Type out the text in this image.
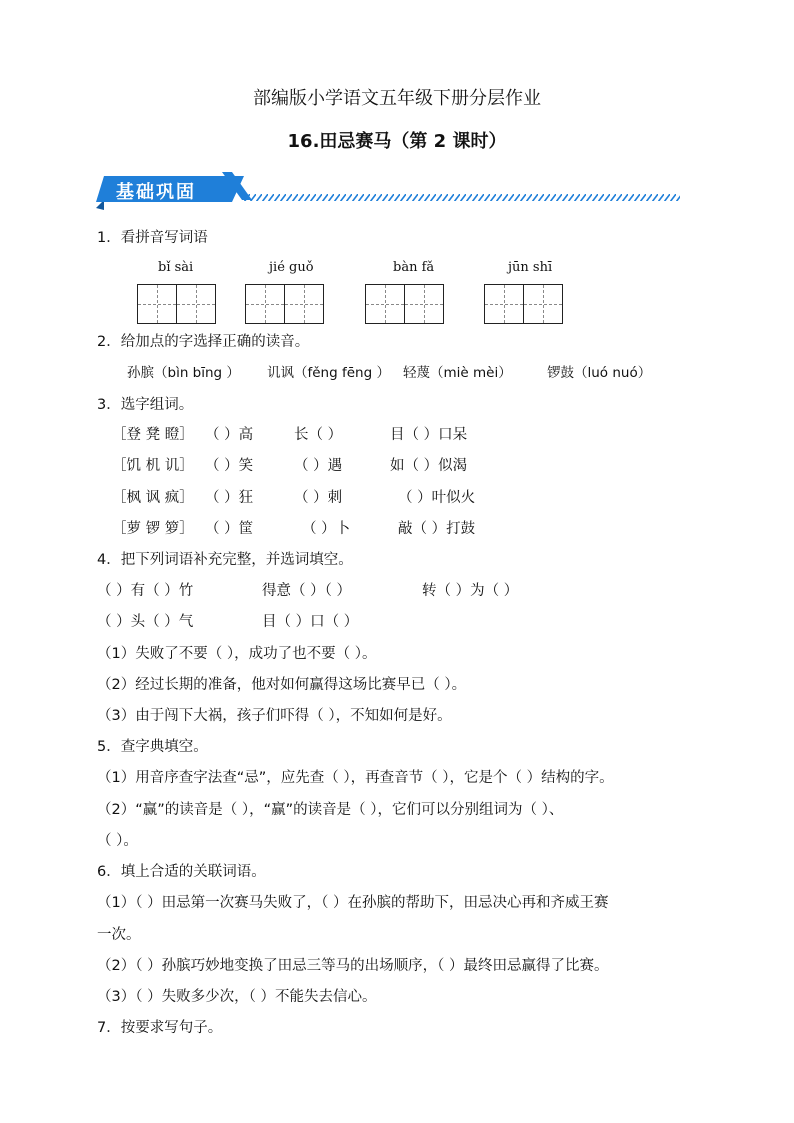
部编版小学语文五年级下册分层作业
16.田忌赛马（第 2 课时）
基础巩固
1．看拼音写词语
bǐ sài	jié guǒ	bàn fǎ	jūn shī
2．给加点的字选择正确的读音。
孙膑（bìn bīng ） 讥讽（fěng fēng ） 轻蔑（miè mèi）	锣鼓（luó nuó）
3．选字组词。
［登 凳 瞪］ （ ）高	长（ ）	目（ ）口呆
［饥 机 讥］ （ ）笑	（ ）遇	如（ ）似渴
［枫 讽 疯］ （ ）狂	（ ）刺	（ ）叶似火
［萝 锣 箩］ （ ）筐	（ ）卜	敲（ ）打鼓
4．把下列词语补充完整，并选词填空。
（ ）有（ ）竹	得意（ ）（ ）	转（ ）为（ ）
（ ）头（ ）气	目（ ）口（ ）
（1）失败了不要（ ），成功了也不要（ ）。
（2）经过长期的准备，他对如何赢得这场比赛早已（ ）。
（3）由于闯下大祸，孩子们吓得（ ），不知如何是好。
5．查字典填空。
（1）用音序查字法查“忌”，应先查（ ），再查音节（ ），它是个（ ）结构的字。
（2）“赢”的读音是（ ），“赢”的读音是（ ），它们可以分别组词为（ ）、
（ ）。
6．填上合适的关联词语。
（1）（ ）田忌第一次赛马失败了，（ ）在孙膑的帮助下，田忌决心再和齐威王赛
一次。
（2）（ ）孙膑巧妙地变换了田忌三等马的出场顺序，（ ）最终田忌赢得了比赛。
（3）（ ）失败多少次，（ ）不能失去信心。
7．按要求写句子。
